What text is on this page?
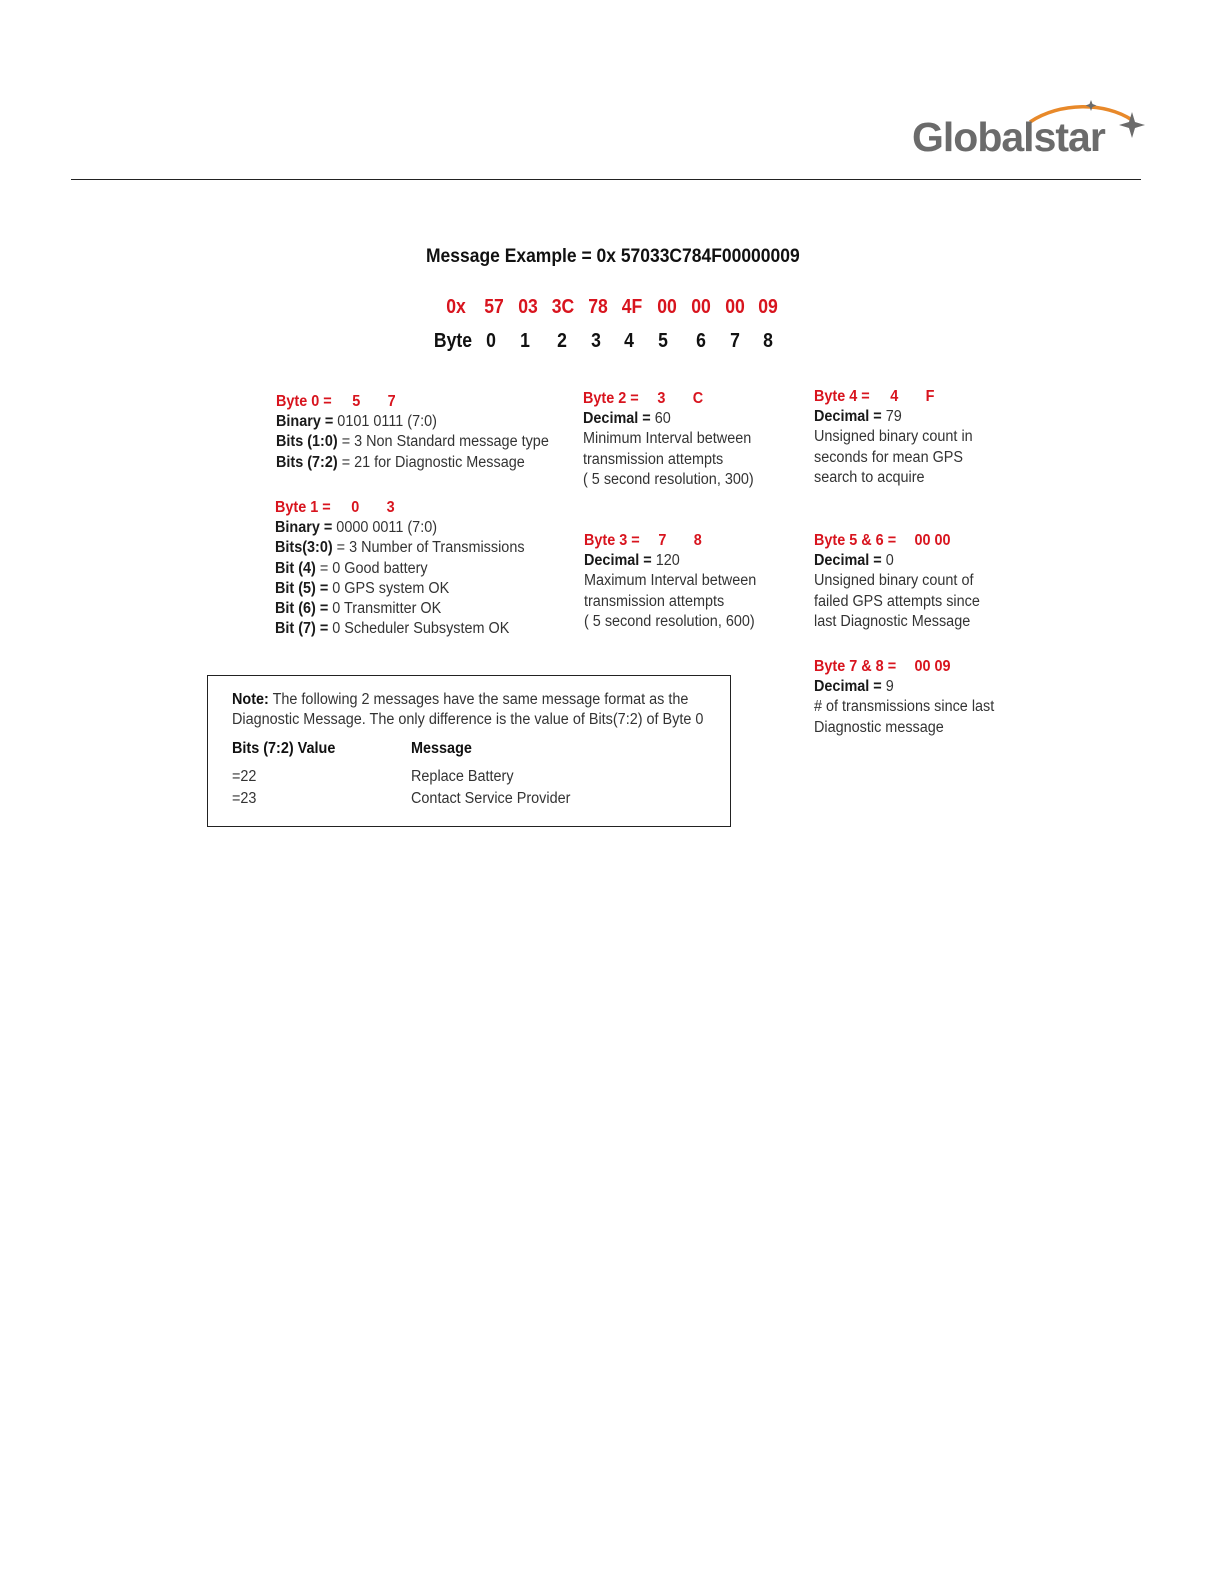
Globalstar
Message Example = 0x 57033C784F00000009
0x 57 03 3C 78 4F 00 00 00 09
Byte 0 1 2 3 4 5 6 7 8
Byte 0 = 5 7
Binary = 0101 0111 (7:0)
Bits (1:0) = 3 Non Standard message type
Bits (7:2) = 21 for Diagnostic Message
Byte 1 = 0 3
Binary = 0000 0011 (7:0)
Bits(3:0) = 3 Number of Transmissions
Bit (4) = 0 Good battery
Bit (5) = 0 GPS system OK
Bit (6) = 0 Transmitter OK
Bit (7) = 0 Scheduler Subsystem OK
Byte 2 = 3 C
Decimal = 60
Minimum Interval between
transmission attempts
( 5 second resolution, 300)
Byte 3 = 7 8
Decimal = 120
Maximum Interval between
transmission attempts
( 5 second resolution, 600)
Byte 4 = 4 F
Decimal = 79
Unsigned binary count in
seconds for mean GPS
search to acquire
Byte 5 & 6 = 00 00
Decimal = 0
Unsigned binary count of
failed GPS attempts since
last Diagnostic Message
Byte 7 & 8 = 00 09
Decimal = 9
# of transmissions since last
Diagnostic message
Note: The following 2 messages have the same message format as the
Diagnostic Message. The only difference is the value of Bits(7:2) of Byte 0
Bits (7:2) Value	Message
=22	Replace Battery
=23	Contact Service Provider
